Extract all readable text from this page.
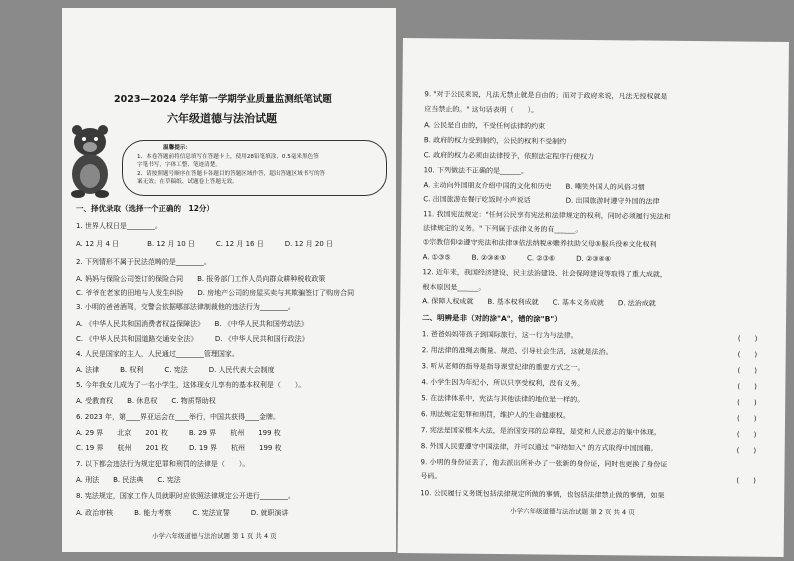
2023—2024 学年第一学期学业质量监测纸笔试题
六年级道德与法治试题
温馨提示：
1、本卷答题前将信息填写在答题卡上，使用28铅笔填涂，0.5毫米黑色签
字笔书写，字体工整、笔迹清楚。
2、请按照题号顺序在答题卡各题目的答题区域作答，超出答题区域书写的答
案无效；在草稿纸、试题卷上答题无效。
一、择优录取（选择一个正确的　12分）
1. 世界人权日是________。
A. 12 月 4 日　　　　B. 12 月 10 日　　　C. 12 月 16 日　　　D. 12 月 20 日
2. 下列情形不属于民法范畴的是________。
A. 妈妈与保险公司签订的保险合同　　B. 报务部门工作人员向群众耕种税收政策
C. 爷爷在老家的田地与人发生纠纷　　D. 房地产公司的房屋买卖与其欺骗签订了购房合同
3. 小明的爸爸酒驾，交警会依据哪部法律制裁他的违法行为________。
A. 《中华人民共和国消费者权益保障法》　　B. 《中华人民共和国劳动法》
C. 《中华人民共和国道路交通安全法》　　　D. 《中华人民共和国行政法》
4. 人民是国家的主人，人民通过________管理国家。
A. 法律　　　B. 权利　　　C. 宪法　　　D. 人民代表大会制度
5. 今年我女儿成为了一名小学生，这体现女儿享有的基本权利是（　　）。
A. 受教育权　　B. 休息权　　C. 物质帮助权
6. 2023 年，第____界亚运会在____举行，中国共获得____金牌。
A. 29 界　　北京　　201 枚　　　B. 29 界　　杭州　　199 枚
C. 19 界　　杭州　　201 枚　　　D. 19 界　　杭州　　199 枚
7. 以下都会违法行为规定犯罪和刑罚的法律是（　　）。
A. 刑法　　B. 民法典　　C. 宪法
8. 宪法规定，国家工作人员就职时应依照法律规定公开进行________。
A. 政治审核　　　B. 能力考察　　　C. 宪法宣誓　　　D. 就职演讲
小学六年级道德与法治试题 第 1 页 共 4 页
9. "对于公民来说，凡法无禁止就是自由的；而对于政府来说，凡法无授权就是
应当禁止的。" 这句话表明（　　）。
A. 公民是自由的，不受任何法律的约束
B. 政府的权力受到制约，公民的权利不受制约
C. 政府的权力必须由法律授予，依照法定程序行使权力
10. 下列做法不正确的是______。
A. 主动向外国朋友介绍中国的文化和历史　　B. 嘲笑外国人的风俗习惯
C. 出国旅游在餐厅吃饭时小声说话　　　　　D. 出国旅游时遵守外国的法律
11. 我国宪法规定："任何公民享有宪法和法律规定的权利，同时必须履行宪法和
法律规定的义务。" 下列属于法律义务的有______。
①宗教信仰②遵守宪法和法律③依法纳税④赡养扶助父母⑤服兵役⑥文化权利
A. ①③⑤　　　B. ②③④⑤　　　C. ②③⑥　　　D. ②③④⑥
12. 近年来，我国经济建设、民主法治建设、社会保障建设等取得了重大成就，
根本原因是______。
A. 保障人权成就　　B. 基本权利成就　　C. 基本义务成就　　D. 法治成就
二、明辨是非（对的涂"A"，错的涂"B"）
1. 爸爸妈妈带孩子到国际旅行，这一行为与法律。	(　　)
2. 用法律的准绳去衡量、规范、引导社会生活，这就是法治。	(　　)
3. 听从老师的指导是指导课堂纪律的重要方式之一。	(　　)
4. 小学生因为年纪小，所以只享受权利，没有义务。	(　　)
5. 在法律体系中，宪法与其他法律的地位是一样的。	(　　)
6. 刑法规定犯罪和刑罚，维护人的生命健康权。	(　　)
7. 宪法是国家根本大法，是治国安邦的总章程，是党和人民意志的集中体现。	(　　)
8. 外国人民要遵守中国法律，并可以通过 "审结如入" 的方式取得中国国籍。	(　　)
9. 小明的身份证丢了，他去派出所补办了一张新的身份证，同时也更换了身份证
号码。
(　　)
10. 公民履行义务既包括法律规定所做的事情，也包括法律禁止做的事情，如果
小学六年级道德与法治试题 第 2 页 共 4 页
